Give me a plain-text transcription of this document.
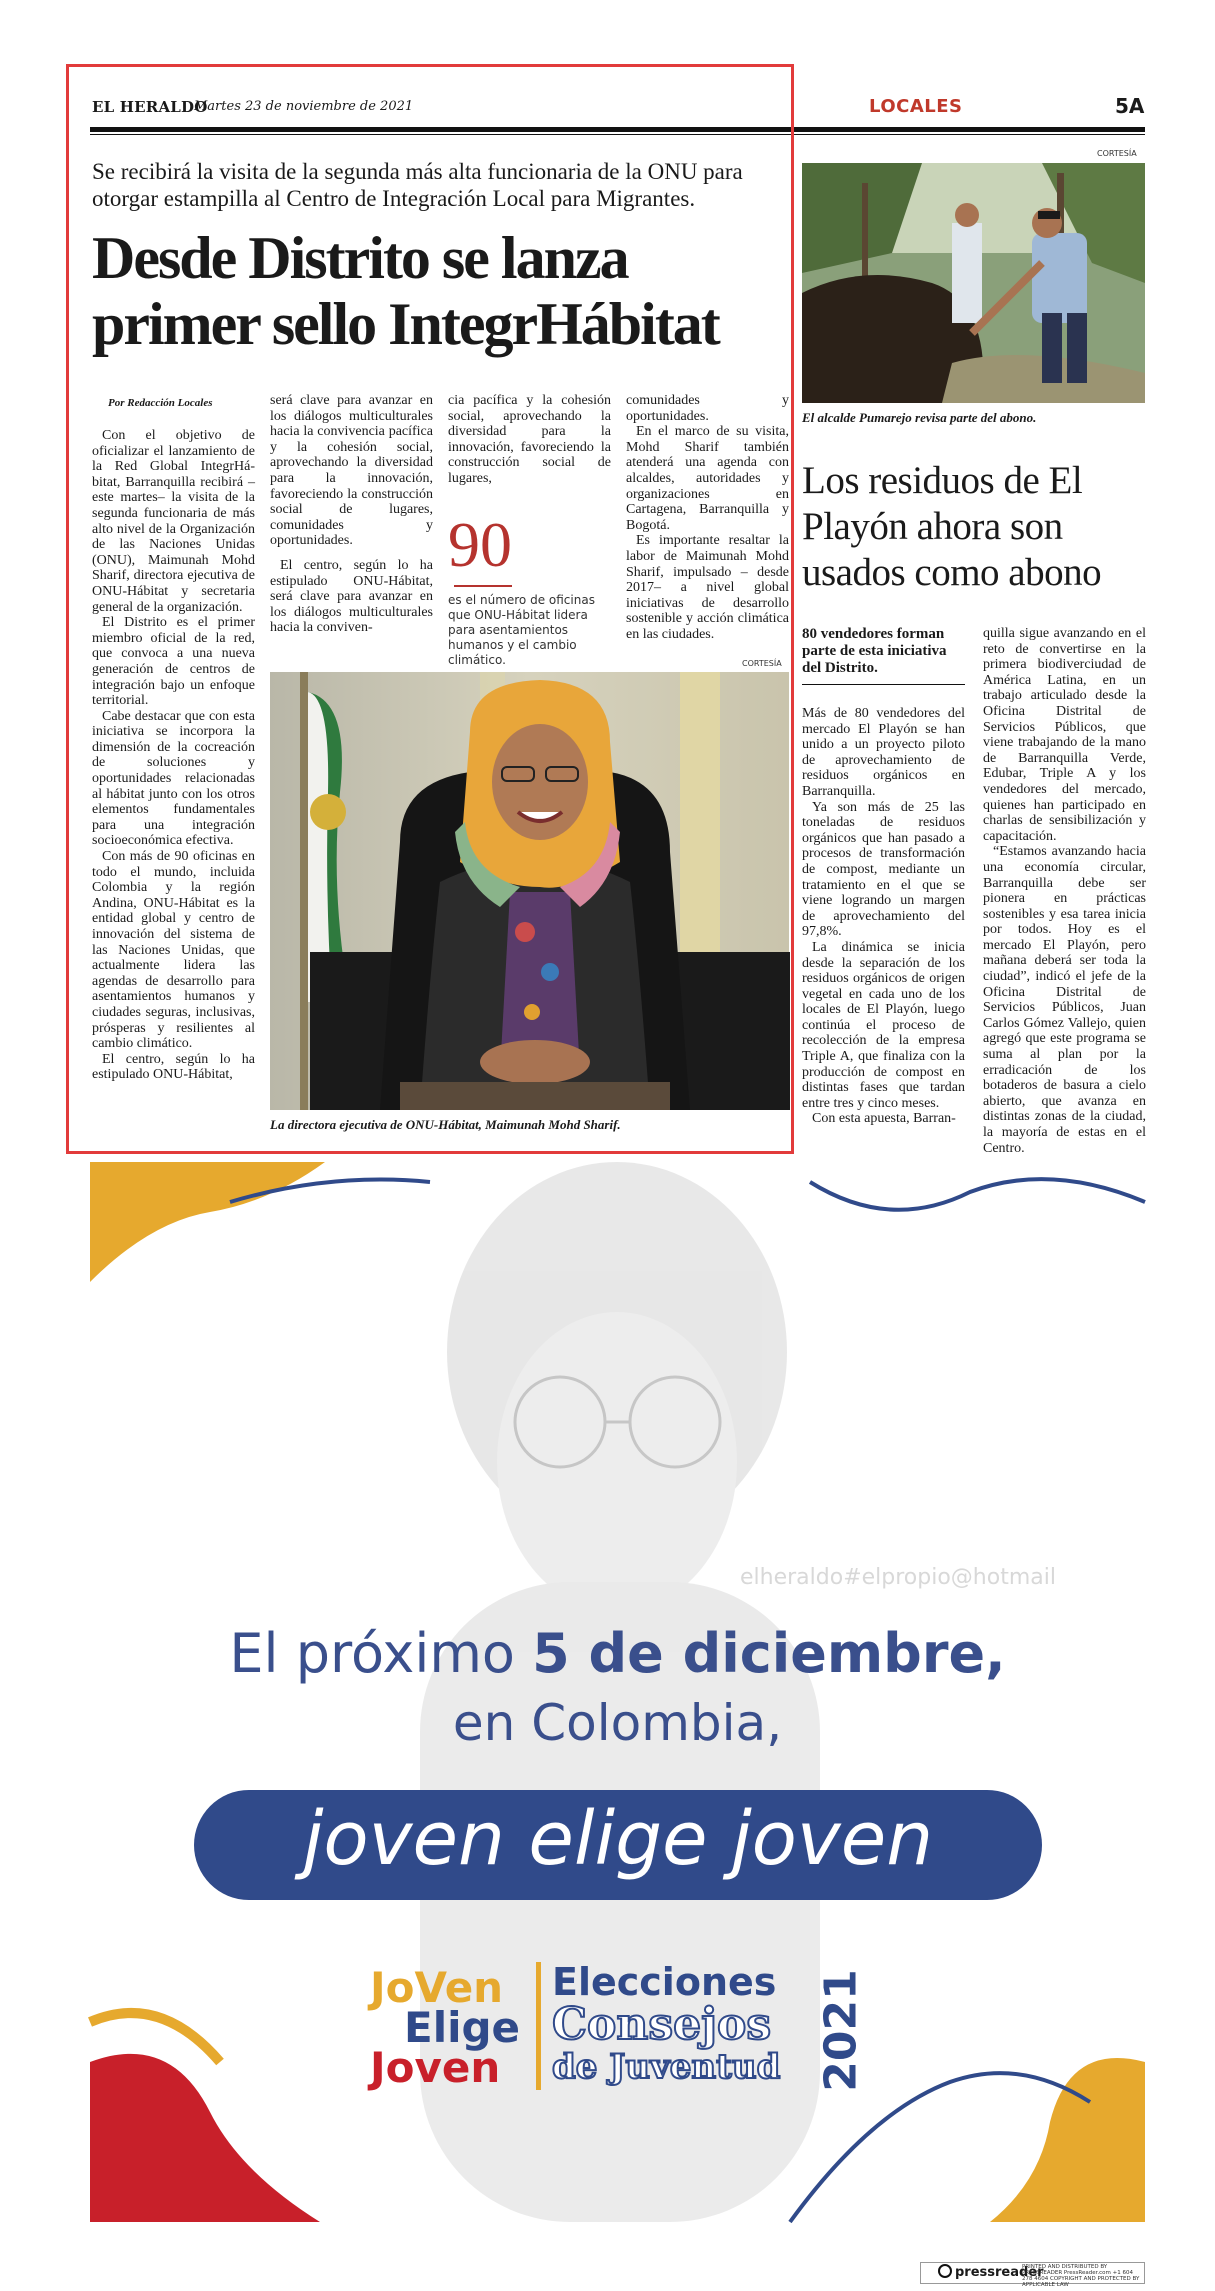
EL HERALDO
Martes 23 de noviembre de 2021	LOCALES	5A
Se recibirá la visita de la segunda más alta funcionaria de la ONU para otorgar estampilla al Centro de Integración Local para Migrantes.
Desde Distrito se lanza primer sello IntegrHábitat
Por Redacción Locales

Con el objetivo de oficializar el lanzamiento de la Red Global IntegrHá-bitat, Barranquilla recibirá –este martes– la visita de la segunda funcionaria de más alto nivel de la Organización de las Naciones Unidas (ONU), Maimunah Mohd Sharif, directora ejecutiva de ONU-Hábitat y secretaria general de la organización.

El Distrito es el primer miembro oficial de la red, que convoca a una nueva generación de centros de integración bajo un enfoque territorial.

Cabe destacar que con esta iniciativa se incorpora la dimensión de la cocreación de soluciones y oportunidades relacionadas al hábitat junto con los otros elementos fundamentales para una integración socioeconómica efectiva.

Con más de 90 oficinas en todo el mundo, incluida Colombia y la región Andina, ONU-Hábitat es la entidad global y centro de innovación del sistema de las Naciones Unidas, que actualmente lidera las agendas de desarrollo para asentamientos humanos y ciudades seguras, inclusivas, prósperas y resilientes al cambio climático.

El centro, según lo ha estipulado ONU-Hábitat,

será clave para avanzar en los diálogos multiculturales hacia la convivencia pacífica y la cohesión social, aprovechando la diversidad para la innovación, favoreciendo la construcción social de lugares, comunidades y oportunidades.

El centro, según lo ha estipulado ONU-Hábitat, será clave para avanzar en los diálogos multiculturales hacia la conviven-

cia pacífica y la cohesión social, aprovechando la diversidad para la innovación, favoreciendo la construcción social de lugares,

comunidades y oportunidades.

En el marco de su visita, Mohd Sharif también atenderá una agenda con alcaldes, autoridades y organizaciones en Cartagena, Barranquilla y Bogotá.

Es importante resaltar la labor de Maimunah Mohd Sharif, impulsado – desde 2017– a nivel global iniciativas de desarrollo sostenible y acción climática en las ciudades.

90
es el número de oficinas que ONU-Hábitat lidera para asentamientos humanos y el cambio climático.	CORTESÍA
La directora ejecutiva de ONU-Hábitat, Maimunah Mohd Sharif.
CORTESÍA
El alcalde Pumarejo revisa parte del abono.
Los residuos de El Playón ahora son usados como abono
80 vendedores forman parte de esta iniciativa del Distrito.

Más de 80 vendedores del mercado El Playón se han unido a un proyecto piloto de aprovechamiento de residuos orgánicos en Barranquilla.

Ya son más de 25 las toneladas de residuos orgánicos que han pasado a procesos de transformación de compost, mediante un tratamiento en el que se viene logrando un margen de aprovechamiento del 97,8%.

La dinámica se inicia desde la separación de los residuos orgánicos de origen vegetal en cada uno de los locales de El Playón, luego continúa el proceso de recolección de la empresa Triple A, que finaliza con la producción de compost en distintas fases que tardan entre tres y cinco meses.

Con esta apuesta, Barran-

quilla sigue avanzando en el reto de convertirse en la primera biodiverciudad de América Latina, en un trabajo articulado desde la Oficina Distrital de Servicios Públicos, que viene trabajando de la mano de Barranquilla Verde, Edubar, Triple A y los vendedores del mercado, quienes han participado en charlas de sensibilización y capacitación.

“Estamos avanzando hacia una economía circular, Barranquilla debe ser pionera en prácticas sostenibles y esa tarea inicia por todos. Hoy es el mercado El Playón, pero mañana deberá ser toda la ciudad”, indicó el jefe de la Oficina Distrital de Servicios Públicos, Juan Carlos Gómez Vallejo, quien agregó que este programa se suma al plan por la erradicación de los botaderos de basura a cielo abierto, que avanza en distintas zonas de la ciudad, la mayoría de estas en el Centro.

elheraldo#elpropio@hotmail
El próximo 5 de diciembre,
en Colombia,
joven elige joven
JoVen
Elige
Joven
Elecciones
Consejos
de Juventud 2021
pressreader
PRINTED AND DISTRIBUTED BY PRESSREADER PressReader.com +1 604 278 4604 COPYRIGHT AND PROTECTED BY APPLICABLE LAW
